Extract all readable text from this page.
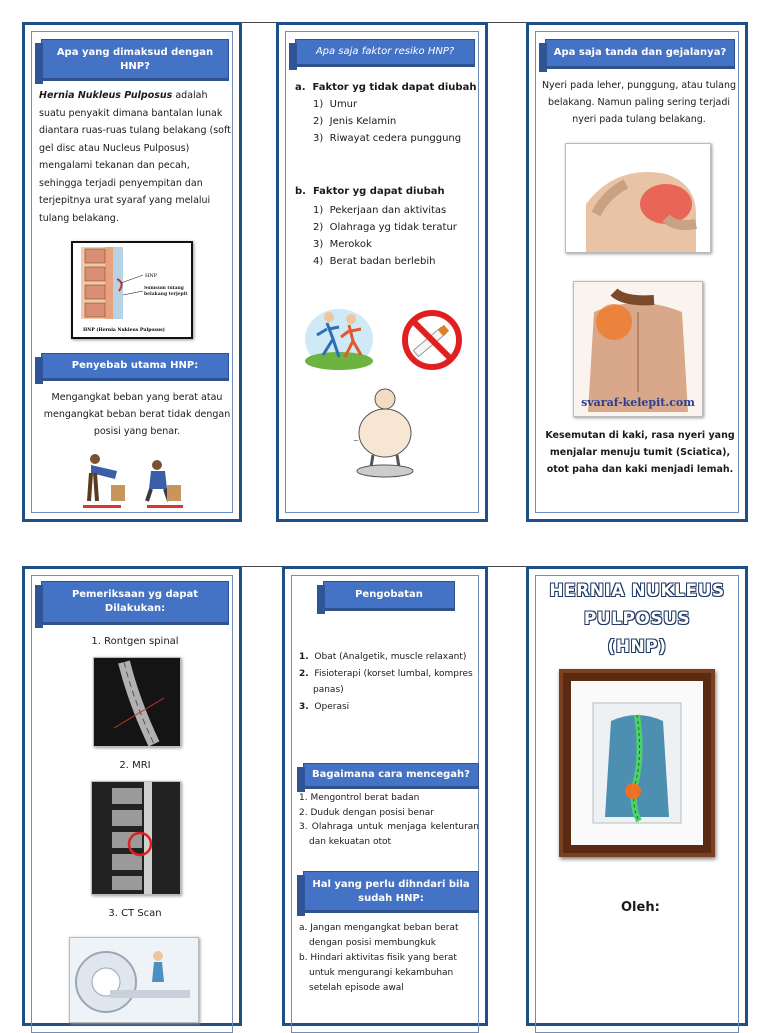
Apa yang dimaksud dengan HNP?
Hernia Nukleus Pulposus adalah suatu penyakit dimana bantalan lunak diantara ruas-ruas tulang belakang (soft gel disc atau Nucleus Pulposus) mengalami tekanan dan pecah, sehingga terjadi penyempitan dan terjepitnya urat syaraf yang melalui tulang belakang.
HNP
Sumsum tulang belakang terjepit
HNP (Hernia Nukleus Pulposus)
Penyebab utama HNP:
Mengangkat beban yang berat atau mengangkat beban berat tidak dengan posisi yang benar.
Apa saja faktor resiko HNP?
a. Faktor yg tidak dapat diubah
1)  Umur
2)  Jenis Kelamin
3)  Riwayat cedera punggung
b. Faktor yg dapat diubah
1)  Pekerjaan dan aktivitas
2)  Olahraga yg tidak teratur
3)  Merokok
4)  Berat badan berlebih
~
Apa saja tanda dan gejalanya?
Nyeri pada leher, punggung, atau tulang belakang. Namun paling sering terjadi nyeri pada tulang belakang.
svaraf-kelepit.com
Kesemutan di kaki, rasa nyeri yang menjalar menuju tumit (Sciatica), otot paha dan kaki menjadi lemah.
Pemeriksaan yg dapat Dilakukan:
1. Rontgen spinal
2. MRI
3. CT Scan
Pengobatan
1. Obat (Analgetik, muscle relaxant)
2. Fisioterapi (korset lumbal, kompres panas)
3. Operasi
Bagaimana cara mencegah?
1. Mengontrol berat badan
2. Duduk dengan posisi benar
3. Olahraga untuk menjaga kelenturan dan kekuatan otot
Hal yang perlu dihndari bila sudah HNP:
a. Jangan mengangkat beban berat dengan posisi membungkuk
b. Hindari aktivitas fisik yang berat untuk mengurangi kekambuhan setelah episode awal
HERNIA NUKLEUS
PULPOSUS
(HNP)
Oleh:
